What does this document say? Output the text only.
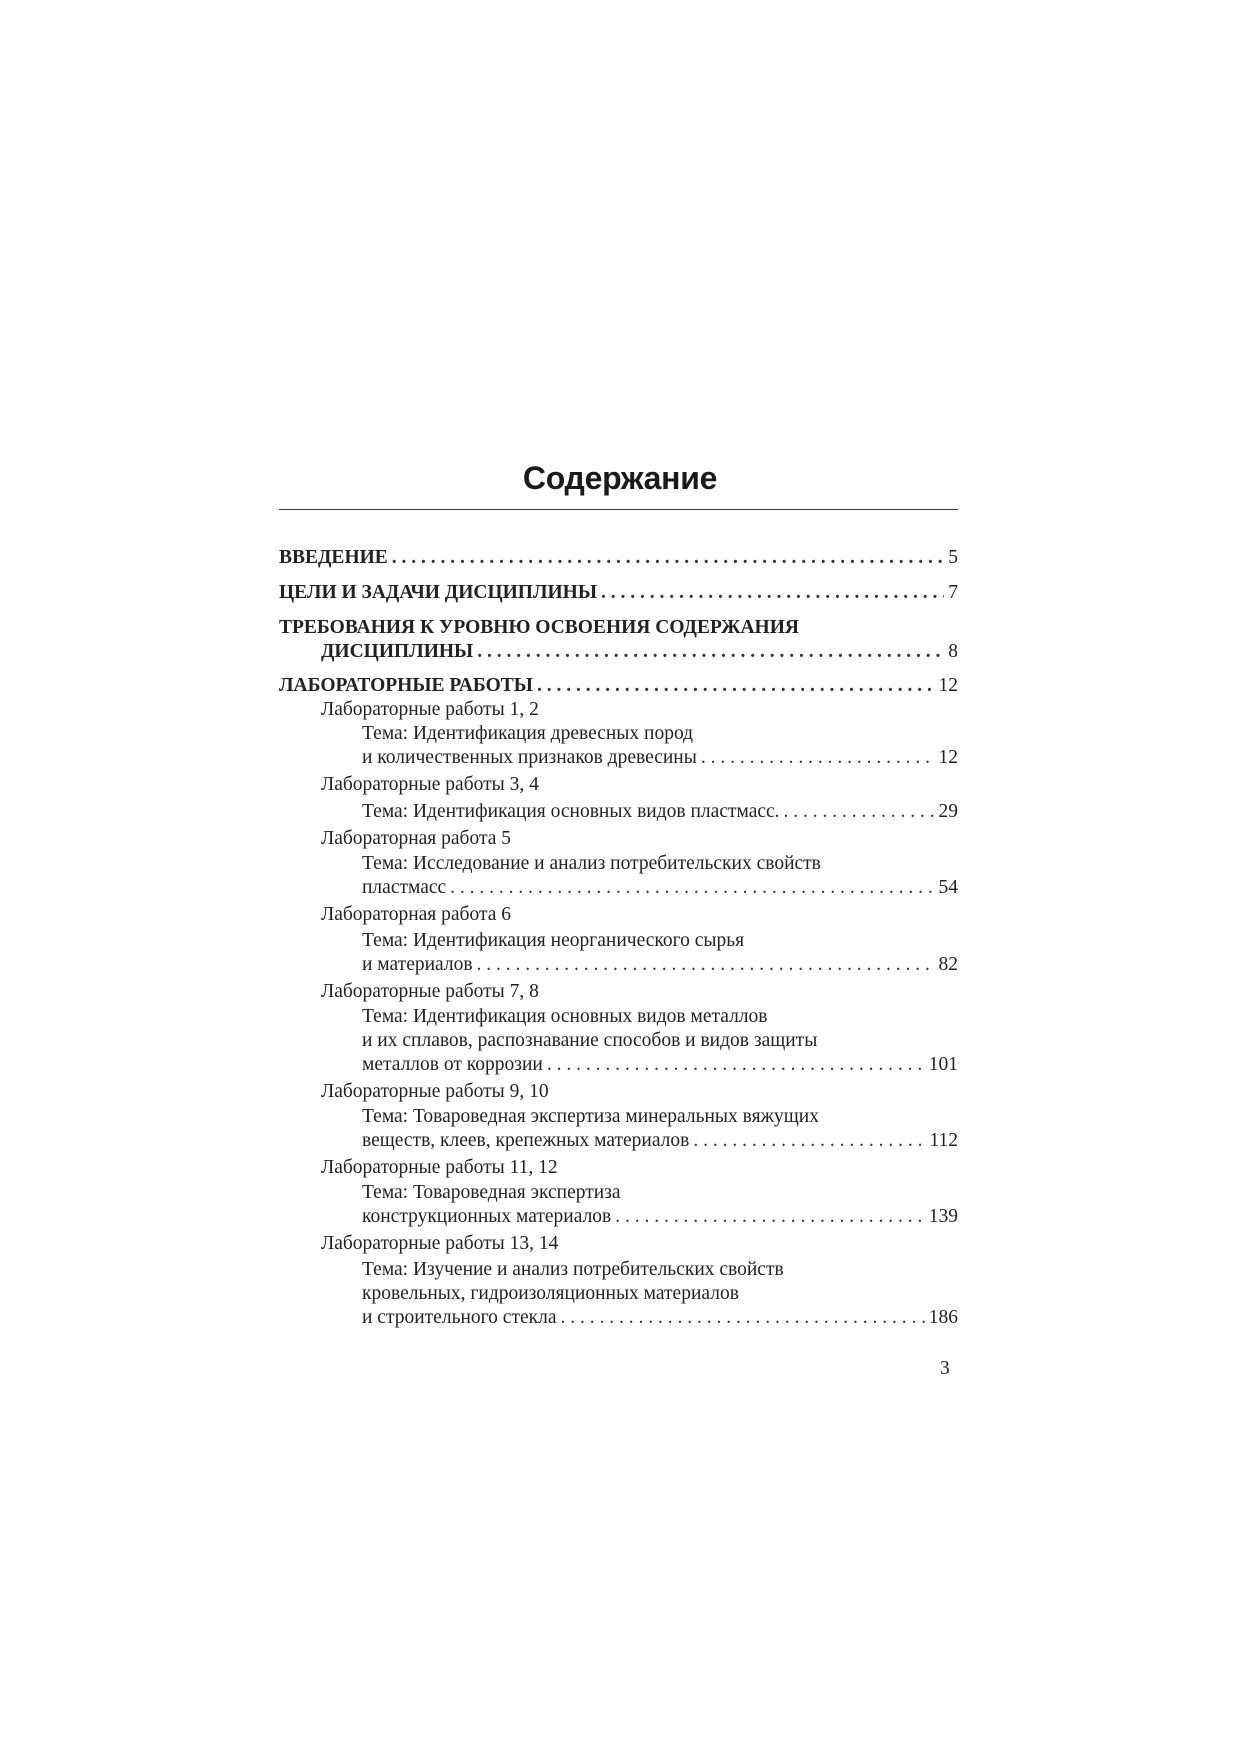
Содержание
ВВЕДЕНИЕ . . .	5
ЦЕЛИ И ЗАДАЧИ ДИСЦИПЛИНЫ . . .	7
ТРЕБОВАНИЯ К УРОВНЮ ОСВОЕНИЯ СОДЕРЖАНИЯ
ДИСЦИПЛИНЫ . . .	8
ЛАБОРАТОРНЫЕ РАБОТЫ . . .	12
Лабораторные работы 1, 2
Тема: Идентификация древесных пород
и количественных признаков древесины . . .	12
Лабораторные работы 3, 4
Тема: Идентификация основных видов пластмасс. . . .	29
Лабораторная работа 5
Тема: Исследование и анализ потребительских свойств
пластмасс . . .	54
Лабораторная работа 6
Тема: Идентификация неорганического сырья
и материалов . . .	82
Лабораторные работы 7, 8
Тема: Идентификация основных видов металлов
и их сплавов, распознавание способов и видов защиты
металлов от коррозии . . .	101
Лабораторные работы 9, 10
Тема: Товароведная экспертиза минеральных вяжущих
веществ, клеев, крепежных материалов . . .	112
Лабораторные работы 11, 12
Тема: Товароведная экспертиза
конструкционных материалов . . .	139
Лабораторные работы 13, 14
Тема: Изучение и анализ потребительских свойств
кровельных, гидроизоляционных материалов
и строительного стекла . . .	186
3
